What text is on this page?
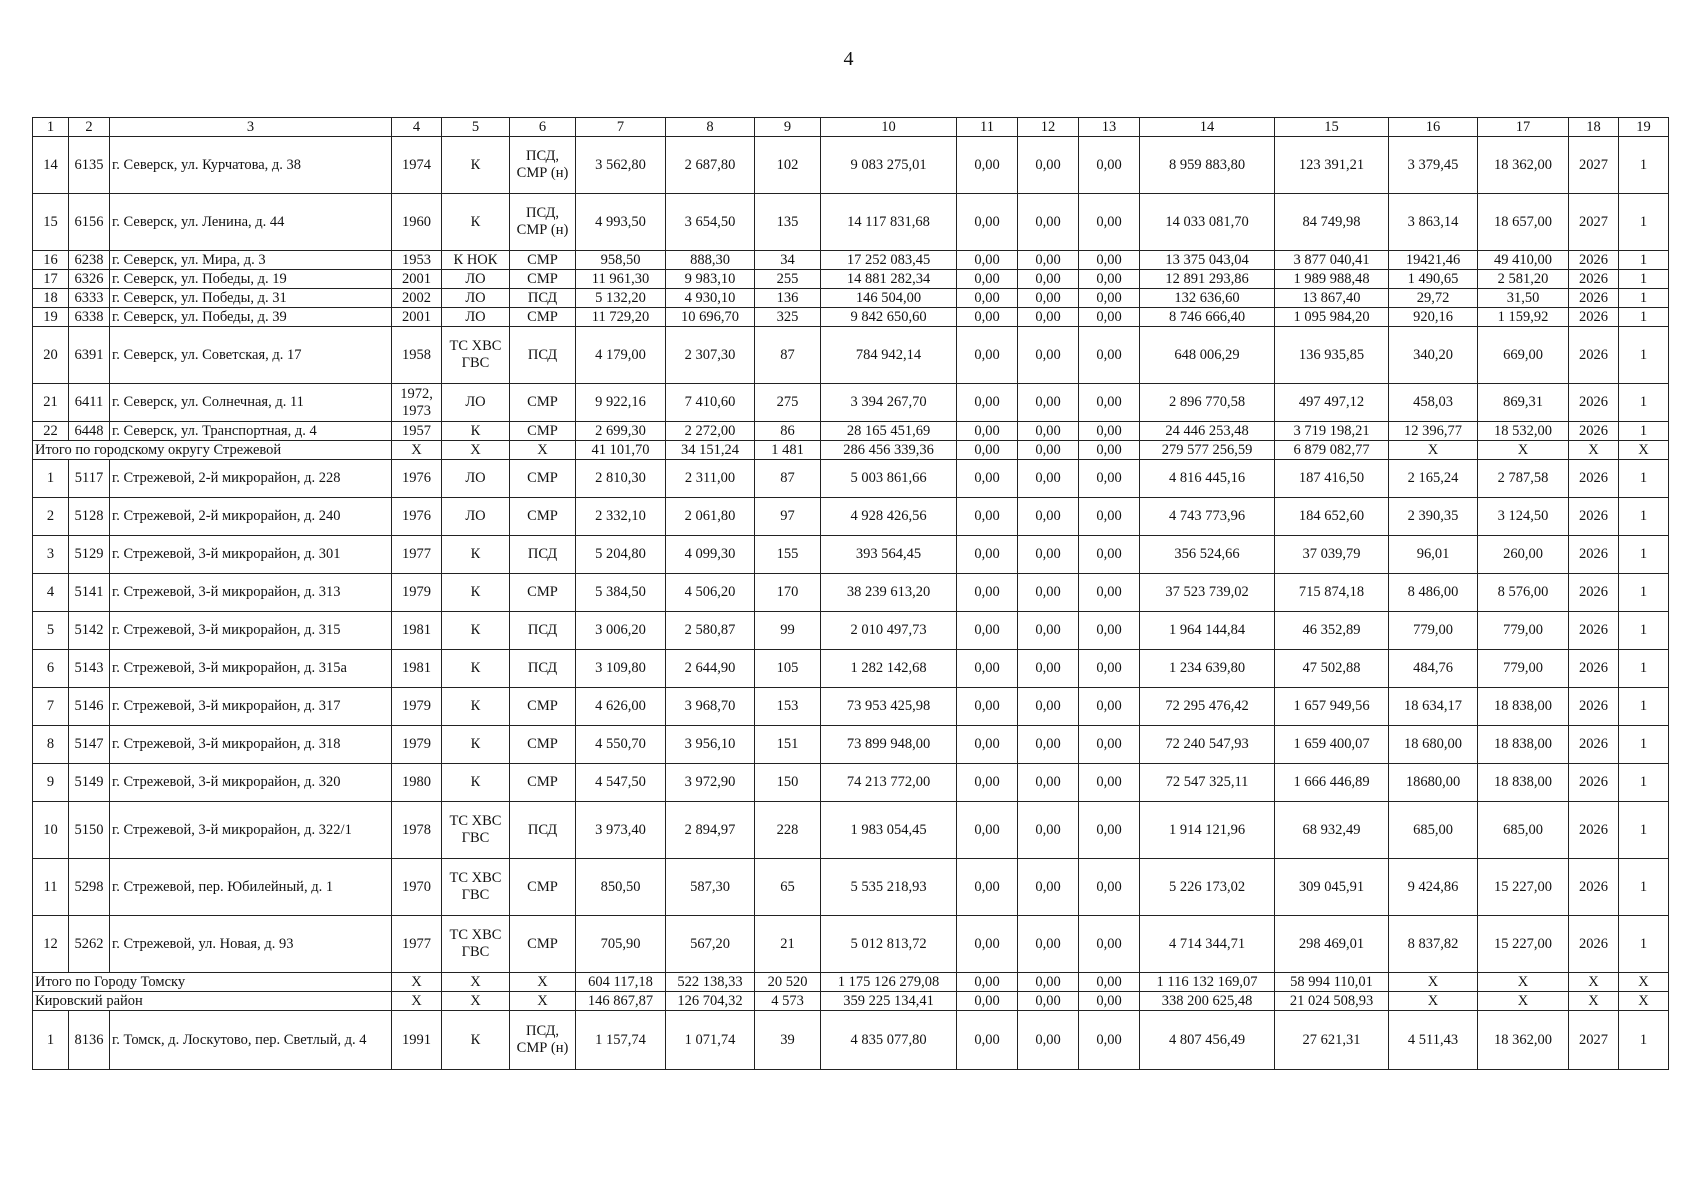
4
1	2	3	4	5	6	7	8	9	10	11	12	13	14	15	16	17	18	19
14	6135	г. Северск, ул. Курчатова, д. 38	1974	К	ПСД, СМР (н)	3 562,80	2 687,80	102	9 083 275,01	0,00	0,00	0,00	8 959 883,80	123 391,21	3 379,45	18 362,00	2027	1
15	6156	г. Северск, ул. Ленина, д. 44	1960	К	ПСД, СМР (н)	4 993,50	3 654,50	135	14 117 831,68	0,00	0,00	0,00	14 033 081,70	84 749,98	3 863,14	18 657,00	2027	1
16	6238	г. Северск, ул. Мира, д. 3	1953	К НОК	СМР	958,50	888,30	34	17 252 083,45	0,00	0,00	0,00	13 375 043,04	3 877 040,41	19421,46	49 410,00	2026	1
17	6326	г. Северск, ул. Победы, д. 19	2001	ЛО	СМР	11 961,30	9 983,10	255	14 881 282,34	0,00	0,00	0,00	12 891 293,86	1 989 988,48	1 490,65	2 581,20	2026	1
18	6333	г. Северск, ул. Победы, д. 31	2002	ЛО	ПСД	5 132,20	4 930,10	136	146 504,00	0,00	0,00	0,00	132 636,60	13 867,40	29,72	31,50	2026	1
19	6338	г. Северск, ул. Победы, д. 39	2001	ЛО	СМР	11 729,20	10 696,70	325	9 842 650,60	0,00	0,00	0,00	8 746 666,40	1 095 984,20	920,16	1 159,92	2026	1
20	6391	г. Северск, ул. Советская, д. 17	1958	ТС ХВС ГВС	ПСД	4 179,00	2 307,30	87	784 942,14	0,00	0,00	0,00	648 006,29	136 935,85	340,20	669,00	2026	1
21	6411	г. Северск, ул. Солнечная, д. 11	1972, 1973	ЛО	СМР	9 922,16	7 410,60	275	3 394 267,70	0,00	0,00	0,00	2 896 770,58	497 497,12	458,03	869,31	2026	1
22	6448	г. Северск, ул. Транспортная, д. 4	1957	К	СМР	2 699,30	2 272,00	86	28 165 451,69	0,00	0,00	0,00	24 446 253,48	3 719 198,21	12 396,77	18 532,00	2026	1
Итого по городскому округу Стрежевой			Х	Х	Х	41 101,70	34 151,24	1 481	286 456 339,36	0,00	0,00	0,00	279 577 256,59	6 879 082,77	Х	Х	Х	Х
1	5117	г. Стрежевой, 2-й микрорайон, д. 228	1976	ЛО	СМР	2 810,30	2 311,00	87	5 003 861,66	0,00	0,00	0,00	4 816 445,16	187 416,50	2 165,24	2 787,58	2026	1
2	5128	г. Стрежевой, 2-й микрорайон, д. 240	1976	ЛО	СМР	2 332,10	2 061,80	97	4 928 426,56	0,00	0,00	0,00	4 743 773,96	184 652,60	2 390,35	3 124,50	2026	1
3	5129	г. Стрежевой, 3-й микрорайон, д. 301	1977	К	ПСД	5 204,80	4 099,30	155	393 564,45	0,00	0,00	0,00	356 524,66	37 039,79	96,01	260,00	2026	1
4	5141	г. Стрежевой, 3-й микрорайон, д. 313	1979	К	СМР	5 384,50	4 506,20	170	38 239 613,20	0,00	0,00	0,00	37 523 739,02	715 874,18	8 486,00	8 576,00	2026	1
5	5142	г. Стрежевой, 3-й микрорайон, д. 315	1981	К	ПСД	3 006,20	2 580,87	99	2 010 497,73	0,00	0,00	0,00	1 964 144,84	46 352,89	779,00	779,00	2026	1
6	5143	г. Стрежевой, 3-й микрорайон, д. 315а	1981	К	ПСД	3 109,80	2 644,90	105	1 282 142,68	0,00	0,00	0,00	1 234 639,80	47 502,88	484,76	779,00	2026	1
7	5146	г. Стрежевой, 3-й микрорайон, д. 317	1979	К	СМР	4 626,00	3 968,70	153	73 953 425,98	0,00	0,00	0,00	72 295 476,42	1 657 949,56	18 634,17	18 838,00	2026	1
8	5147	г. Стрежевой, 3-й микрорайон, д. 318	1979	К	СМР	4 550,70	3 956,10	151	73 899 948,00	0,00	0,00	0,00	72 240 547,93	1 659 400,07	18 680,00	18 838,00	2026	1
9	5149	г. Стрежевой, 3-й микрорайон, д. 320	1980	К	СМР	4 547,50	3 972,90	150	74 213 772,00	0,00	0,00	0,00	72 547 325,11	1 666 446,89	18680,00	18 838,00	2026	1
10	5150	г. Стрежевой, 3-й микрорайон, д. 322/1	1978	ТС ХВС ГВС	ПСД	3 973,40	2 894,97	228	1 983 054,45	0,00	0,00	0,00	1 914 121,96	68 932,49	685,00	685,00	2026	1
11	5298	г. Стрежевой, пер. Юбилейный, д. 1	1970	ТС ХВС ГВС	СМР	850,50	587,30	65	5 535 218,93	0,00	0,00	0,00	5 226 173,02	309 045,91	9 424,86	15 227,00	2026	1
12	5262	г. Стрежевой, ул. Новая, д. 93	1977	ТС ХВС ГВС	СМР	705,90	567,20	21	5 012 813,72	0,00	0,00	0,00	4 714 344,71	298 469,01	8 837,82	15 227,00	2026	1
Итого по Городу Томску			Х	Х	Х	604 117,18	522 138,33	20 520	1 175 126 279,08	0,00	0,00	0,00	1 116 132 169,07	58 994 110,01	Х	Х	Х	Х
Кировский район			Х	Х	Х	146 867,87	126 704,32	4 573	359 225 134,41	0,00	0,00	0,00	338 200 625,48	21 024 508,93	Х	Х	Х	Х
1	8136	г. Томск, д. Лоскутово, пер. Светлый, д. 4	1991	К	ПСД, СМР (н)	1 157,74	1 071,74	39	4 835 077,80	0,00	0,00	0,00	4 807 456,49	27 621,31	4 511,43	18 362,00	2027	1
